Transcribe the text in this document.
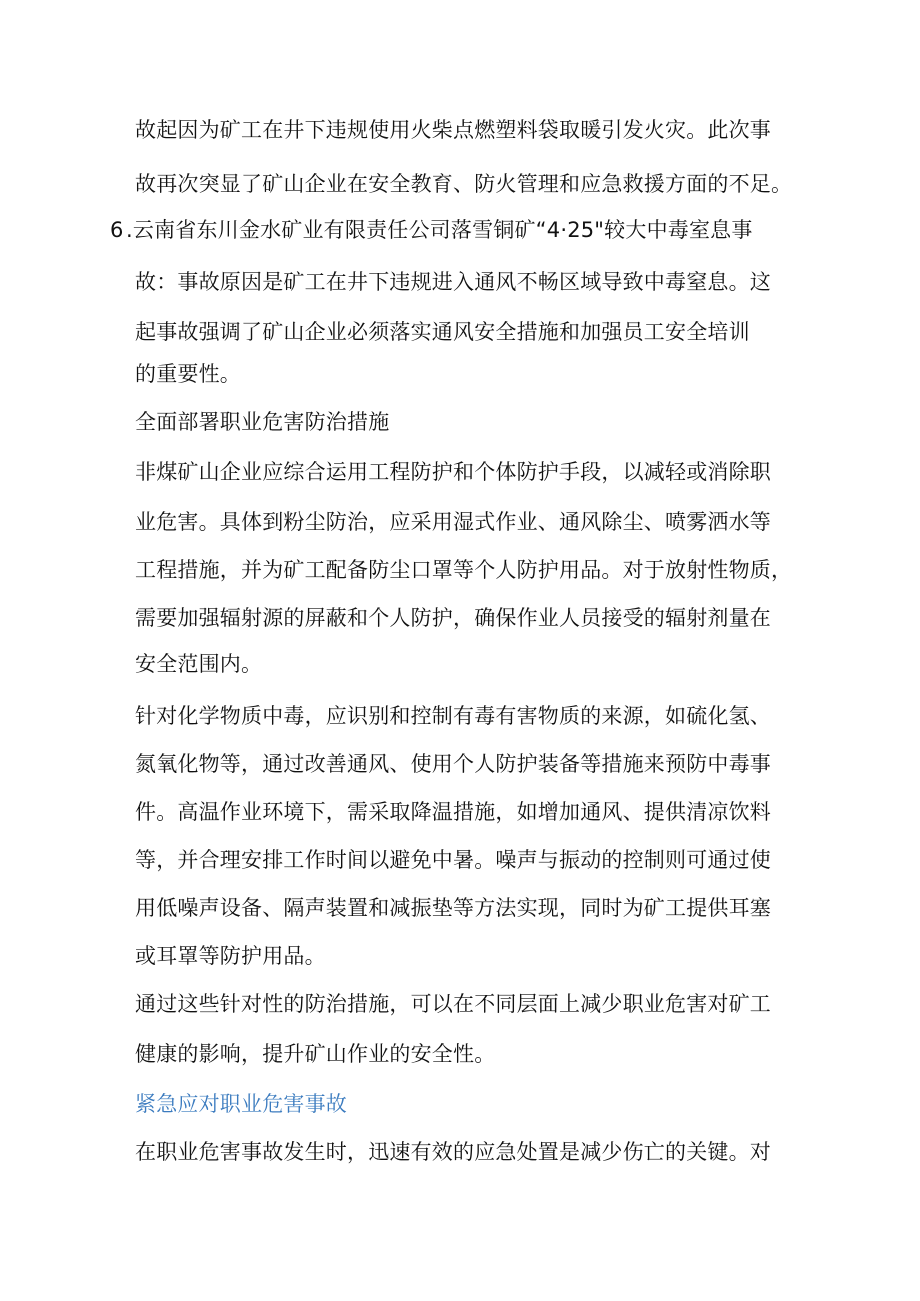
故起因为矿工在井下违规使用火柴点燃塑料袋取暖引发火灾。此次事
故再次突显了矿山企业在安全教育、防火管理和应急救援方面的不足。
6 .云南省东川金水矿业有限责任公司落雪铜矿“4·25"较大中毒室息事
故：事故原因是矿工在井下违规进入通风不畅区域导致中毒窒息。这
起事故强调了矿山企业必须落实通风安全措施和加强员工安全培训
的重要性。
全面部署职业危害防治措施
非煤矿山企业应综合运用工程防护和个体防护手段，以减轻或消除职
业危害。具体到粉尘防治，应采用湿式作业、通风除尘、喷雾洒水等
工程措施，并为矿工配备防尘口罩等个人防护用品。对于放射性物质，
需要加强辐射源的屏蔽和个人防护，确保作业人员接受的辐射剂量在
安全范围内。
针对化学物质中毒，应识别和控制有毒有害物质的来源，如硫化氢、
氮氧化物等，通过改善通风、使用个人防护装备等措施来预防中毒事
件。高温作业环境下，需采取降温措施，如增加通风、提供清凉饮料
等，并合理安排工作时间以避免中暑。噪声与振动的控制则可通过使
用低噪声设备、隔声装置和减振垫等方法实现，同时为矿工提供耳塞
或耳罩等防护用品。
通过这些针对性的防治措施，可以在不同层面上减少职业危害对矿工
健康的影响，提升矿山作业的安全性。
紧急应对职业危害事故
在职业危害事故发生时，迅速有效的应急处置是减少伤亡的关键。对
